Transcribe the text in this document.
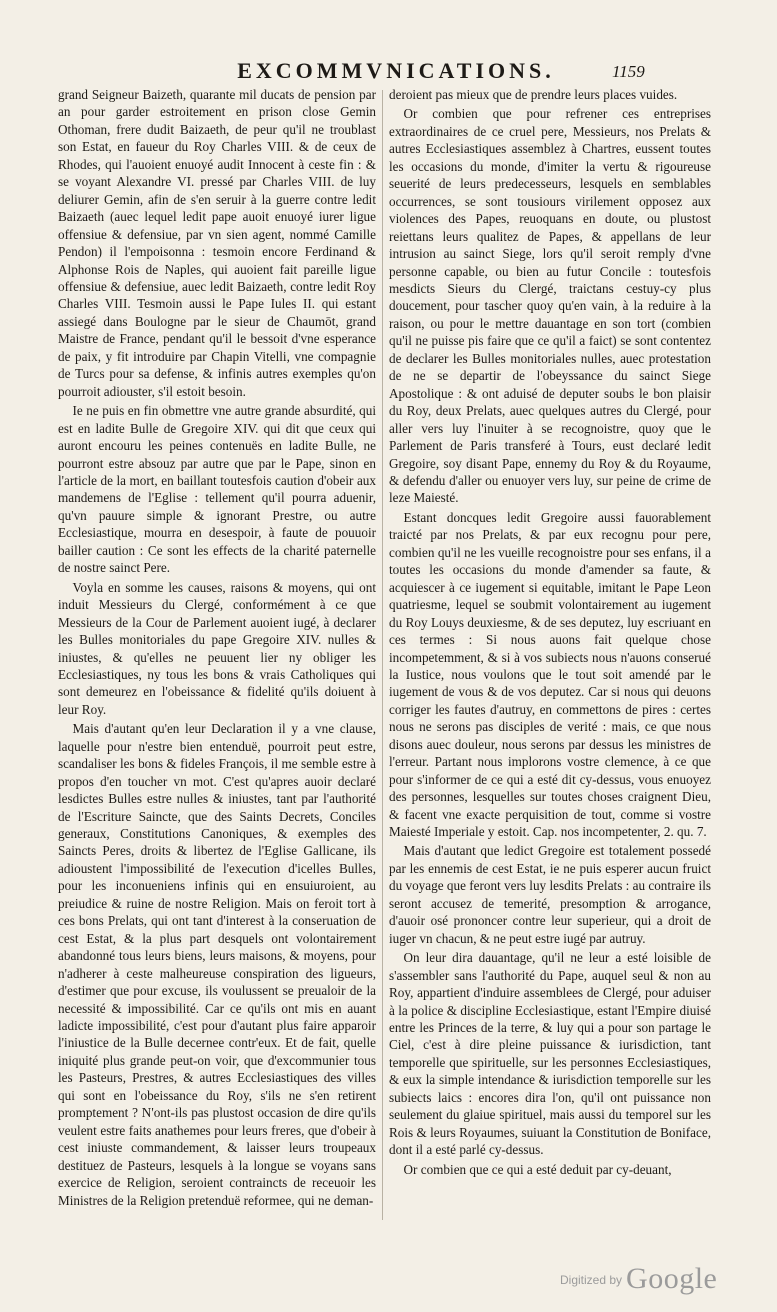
EXCOMMVNICATIONS.	1159

grand Seigneur Baizeth, quarante mil ducats de pension par an pour garder estroitement en prison close Gemin Othoman, frere dudit Baizaeth, de peur qu'il ne troublast son Estat, en faueur du Roy Charles VIII. & de ceux de Rhodes, qui l'auoient enuoyé audit Innocent à ceste fin : & se voyant Alexandre VI. pressé par Charles VIII. de luy deliurer Gemin, afin de s'en seruir à la guerre contre ledit Baizaeth (auec lequel ledit pape auoit enuoyé iurer ligue offensiue & defensiue, par vn sien agent, nommé Camille Pendon) il l'empoisonna : tesmoin encore Ferdinand & Alphonse Rois de Naples, qui auoient fait pareille ligue offensiue & defensiue, auec ledit Baizaeth, contre ledit Roy Charles VIII. Tesmoin aussi le Pape Iules II. qui estant assiegé dans Boulogne par le sieur de Chaumōt, grand Maistre de France, pendant qu'il le bessoit d'vne esperance de paix, y fit introduire par Chapin Vitelli, vne compagnie de Turcs pour sa defense, & infinis autres exemples qu'on pourroit adiouster, s'il estoit besoin.

Ie ne puis en fin obmettre vne autre grande absurdité, qui est en ladite Bulle de Gregoire XIV. qui dit que ceux qui auront encouru les peines contenuës en ladite Bulle, ne pourront estre absouz par autre que par le Pape, sinon en l'article de la mort, en baillant toutesfois caution d'obeir aux mandemens de l'Eglise : tellement qu'il pourra aduenir, qu'vn pauure simple & ignorant Prestre, ou autre Ecclesiastique, mourra en desespoir, à faute de pouuoir bailler caution : Ce sont les effects de la charité paternelle de nostre sainct Pere.

Voyla en somme les causes, raisons & moyens, qui ont induit Messieurs du Clergé, conformément à ce que Messieurs de la Cour de Parlement auoient iugé, à declarer les Bulles monitoriales du pape Gregoire XIV. nulles & iniustes, & qu'elles ne peuuent lier ny obliger les Ecclesiastiques, ny tous les bons & vrais Catholiques qui sont demeurez en l'obeissance & fidelité qu'ils doiuent à leur Roy.

Mais d'autant qu'en leur Declaration il y a vne clause, laquelle pour n'estre bien entenduë, pourroit peut estre, scandaliser les bons & fideles François, il me semble estre à propos d'en toucher vn mot. C'est qu'apres auoir declaré lesdictes Bulles estre nulles & iniustes, tant par l'authorité de l'Escriture Saincte, que des Saints Decrets, Conciles generaux, Constitutions Canoniques, & exemples des Saincts Peres, droits & libertez de l'Eglise Gallicane, ils adioustent l'impossibilité de l'execution d'icelles Bulles, pour les inconueniens infinis qui en ensuiuroient, au preiudice & ruine de nostre Religion. Mais on feroit tort à ces bons Prelats, qui ont tant d'interest à la conseruation de cest Estat, & la plus part desquels ont volontairement abandonné tous leurs biens, leurs maisons, & moyens, pour n'adherer à ceste malheureuse conspiration des ligueurs, d'estimer que pour excuse, ils voulussent se preualoir de la necessité & impossibilité. Car ce qu'ils ont mis en auant ladicte impossibilité, c'est pour d'autant plus faire apparoir l'iniustice de la Bulle decernee contr'eux. Et de fait, quelle iniquité plus grande peut-on voir, que d'excommunier tous les Pasteurs, Prestres, & autres Ecclesiastiques des villes qui sont en l'obeissance du Roy, s'ils ne s'en retirent promptement ? N'ont-ils pas plustost occasion de dire qu'ils veulent estre faits anathemes pour leurs freres, que d'obeir à cest iniuste commandement, & laisser leurs troupeaux destituez de Pasteurs, lesquels à la longue se voyans sans exercice de Religion, seroient contraincts de receuoir les Ministres de la Religion pretenduë reformee, qui ne deman-

deroient pas mieux que de prendre leurs places vuides.

Or combien que pour refrener ces entreprises extraordinaires de ce cruel pere, Messieurs, nos Prelats & autres Ecclesiastiques assemblez à Chartres, eussent toutes les occasions du monde, d'imiter la vertu & rigoureuse seuerité de leurs predecesseurs, lesquels en semblables occurrences, se sont tousiours virilement opposez aux violences des Papes, reuoquans en doute, ou plustost reiettans leurs qualitez de Papes, & appellans de leur intrusion au sainct Siege, lors qu'il seroit remply d'vne personne capable, ou bien au futur Concile : toutesfois mesdicts Sieurs du Clergé, traictans cestuy-cy plus doucement, pour tascher quoy qu'en vain, à la reduire à la raison, ou pour le mettre dauantage en son tort (combien qu'il ne puisse pis faire que ce qu'il a faict) se sont contentez de declarer les Bulles monitoriales nulles, auec protestation de ne se departir de l'obeyssance du sainct Siege Apostolique : & ont aduisé de deputer soubs le bon plaisir du Roy, deux Prelats, auec quelques autres du Clergé, pour aller vers luy l'inuiter à se recognoistre, quoy que le Parlement de Paris transferé à Tours, eust declaré ledit Gregoire, soy disant Pape, ennemy du Roy & du Royaume, & defendu d'aller ou enuoyer vers luy, sur peine de crime de leze Maiesté.

Estant doncques ledit Gregoire aussi fauorablement traicté par nos Prelats, & par eux recognu pour pere, combien qu'il ne les vueille recognoistre pour ses enfans, il a toutes les occasions du monde d'amender sa faute, & acquiescer à ce iugement si equitable, imitant le Pape Leon quatriesme, lequel se soubmit volontairement au iugement du Roy Louys deuxiesme, & de ses deputez, luy escriuant en ces termes : Si nous auons fait quelque chose incompetemment, & si à vos subiects nous n'auons conserué la Iustice, nous voulons que le tout soit amendé par le iugement de vous & de vos deputez. Car si nous qui deuons corriger les fautes d'autruy, en commettons de pires : certes nous ne serons pas disciples de verité : mais, ce que nous disons auec douleur, nous serons par dessus les ministres de l'erreur. Partant nous implorons vostre clemence, à ce que pour s'informer de ce qui a esté dit cy-dessus, vous enuoyez des personnes, lesquelles sur toutes choses craignent Dieu, & facent vne exacte perquisition de tout, comme si vostre Maiesté Imperiale y estoit. Cap. nos incompetenter, 2. qu. 7.

Mais d'autant que ledict Gregoire est totalement possedé par les ennemis de cest Estat, ie ne puis esperer aucun fruict du voyage que feront vers luy lesdits Prelats : au contraire ils seront accusez de temerité, presomption & arrogance, d'auoir osé prononcer contre leur superieur, qui a droit de iuger vn chacun, & ne peut estre iugé par autruy.

On leur dira dauantage, qu'il ne leur a esté loisible de s'assembler sans l'authorité du Pape, auquel seul & non au Roy, appartient d'induire assemblees de Clergé, pour aduiser à la police & discipline Ecclesiastique, estant l'Empire diuisé entre les Princes de la terre, & luy qui a pour son partage le Ciel, c'est à dire pleine puissance & iurisdiction, tant temporelle que spirituelle, sur les personnes Ecclesiastiques, & eux la simple intendance & iurisdiction temporelle sur les subiects laics : encores dira l'on, qu'il ont puissance non seulement du glaiue spirituel, mais aussi du temporel sur les Rois & leurs Royaumes, suiuant la Constitution de Boniface, dont il a esté parlé cy-dessus.

Or combien que ce qui a esté deduit par cy-deuant,

$^{Digitized by}$ Google
